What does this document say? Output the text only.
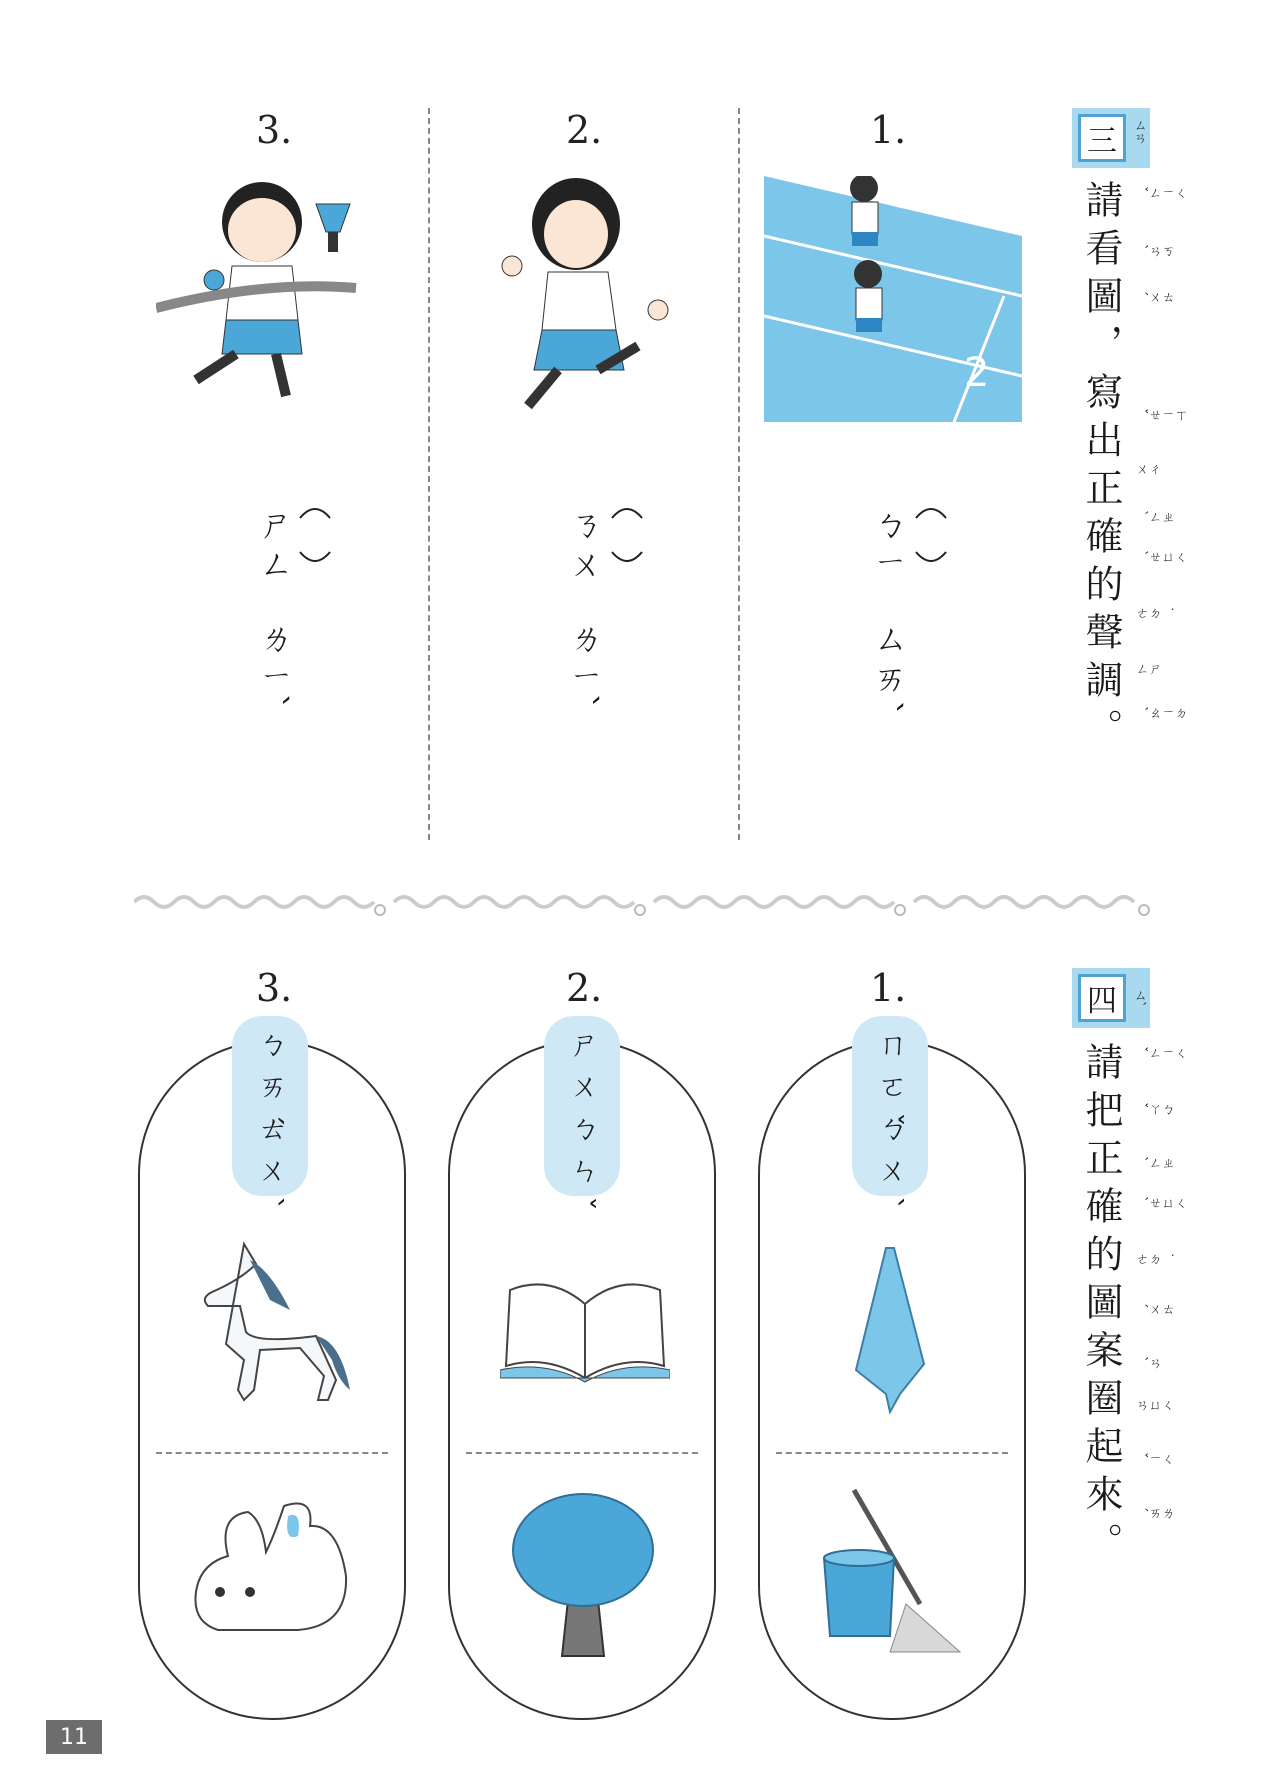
三 ㄙㄢ
請看圖，寫出正確的聲調。	ㄑㄧㄥˇ
ㄎㄢˋ
ㄊㄨˊ
ㄒㄧㄝˇ
ㄔㄨ
ㄓㄥˋ
ㄑㄩㄝˋ
˙ㄉㄜ
ㄕㄥ
ㄉㄧㄠˋ
1.
2
ㄅㄧ
ㄙㄞˋ
2.
ㄋㄨ
ㄌㄧˋ
3.
ㄕㄥ
ㄌㄧˋ
四 ㄙˋ
請把正確的圖案圈起來。	ㄑㄧㄥˇ
ㄅㄚˇ
ㄓㄥˋ
ㄑㄩㄝˋ
˙ㄉㄜ
ㄊㄨˊ
ㄢˋ
ㄑㄩㄢ
ㄑㄧˇ
ㄌㄞˊ
1.
ㄇㄛˇ
ㄅㄨˋ
2.
ㄕㄨ
ㄅㄣˇ
3.
ㄅㄞˊ
ㄊㄨˋ
11
